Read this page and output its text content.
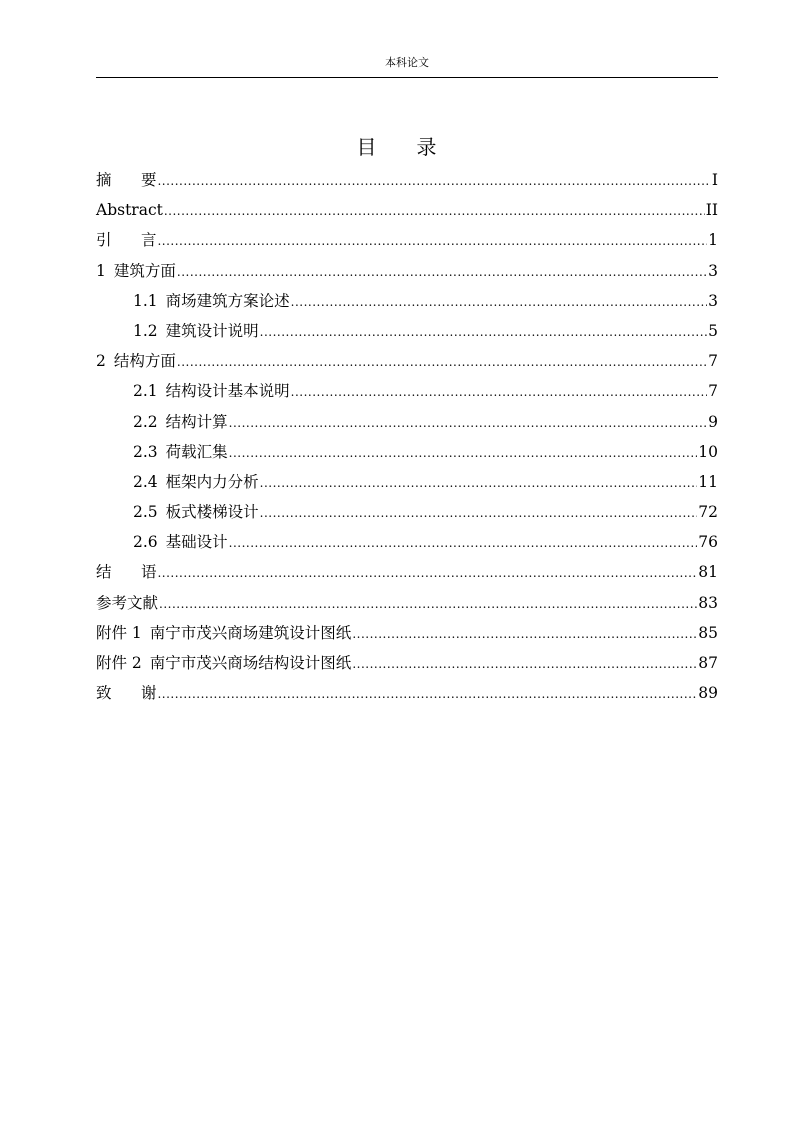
本科论文
目 录
摘要 .....	I
Abstract .....	II
引言 .....	1
1 建筑方面 .....	3
1.1 商场建筑方案论述 .....	3
1.2 建筑设计说明 .....	5
2 结构方面 .....	7
2.1 结构设计基本说明 .....	7
2.2 结构计算 .....	9
2.3 荷载汇集 .....	10
2.4 框架内力分析 .....	11
2.5 板式楼梯设计 .....	72
2.6 基础设计 .....	76
结语 .....	81
参考文献 .....	83
附件 1 南宁市茂兴商场建筑设计图纸 .....	85
附件 2 南宁市茂兴商场结构设计图纸 .....	87
致谢 .....	89
